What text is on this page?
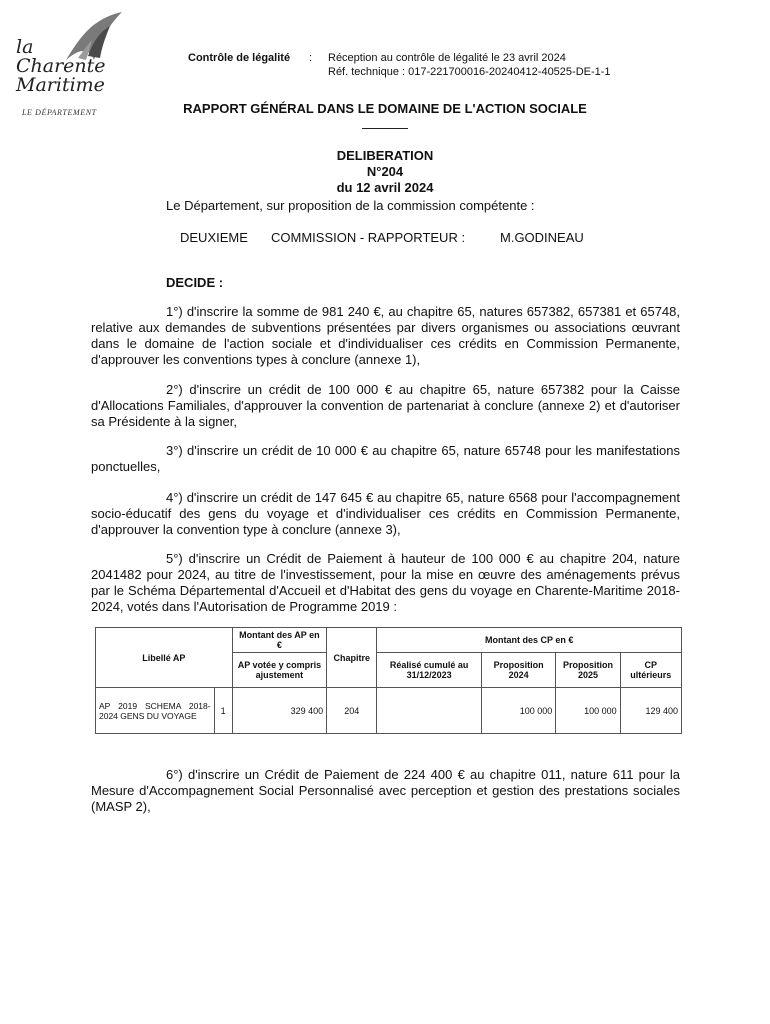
la
Charente
Maritime
LE DÉPARTEMENT
Contrôle de légalité : Réception au contrôle de légalité le 23 avril 2024
Réf. technique : 017-221700016-20240412-40525-DE-1-1
RAPPORT GÉNÉRAL DANS LE DOMAINE DE L'ACTION SOCIALE
DELIBERATION
N°204
du 12 avril 2024
Le Département, sur proposition de la commission compétente :
DEUXIEME COMMISSION - RAPPORTEUR :	M.GODINEAU
DECIDE :
1°) d'inscrire la somme de 981 240 €, au chapitre 65, natures 657382, 657381 et 65748, relative aux demandes de subventions présentées par divers organismes ou associations œuvrant dans le domaine de l'action sociale et d'individualiser ces crédits en Commission Permanente, d'approuver les conventions types à conclure (annexe 1),
2°) d'inscrire un crédit de 100 000 € au chapitre 65, nature 657382 pour la Caisse d'Allocations Familiales, d'approuver la convention de partenariat à conclure (annexe 2) et d'autoriser sa Présidente à la signer,
3°) d'inscrire un crédit de 10 000 € au chapitre 65, nature 65748 pour les manifestations ponctuelles,
4°) d'inscrire un crédit de 147 645 € au chapitre 65, nature 6568 pour l'accompagnement socio-éducatif des gens du voyage et d'individualiser ces crédits en Commission Permanente, d'approuver la convention type à conclure (annexe 3),
5°) d'inscrire un Crédit de Paiement à hauteur de 100 000 € au chapitre 204, nature 2041482 pour 2024, au titre de l'investissement, pour la mise en œuvre des aménagements prévus par le Schéma Départemental d'Accueil et d'Habitat des gens du voyage en Charente-Maritime 2018-2024, votés dans l'Autorisation de Programme 2019 :
Libellé AP		Montant des AP en €	Chapitre	Montant des CP en €			
		AP votée y compris ajustement		Réalisé cumulé au 31/12/2023	Proposition 2024	Proposition 2025	CP ultérieurs
AP 2019 SCHEMA 2018-2024 GENS DU VOYAGE	1	329 400	204		100 000	100 000	129 400
6°) d'inscrire un Crédit de Paiement de 224 400 € au chapitre 011, nature 611 pour la Mesure d'Accompagnement Social Personnalisé avec perception et gestion des prestations sociales (MASP 2),
